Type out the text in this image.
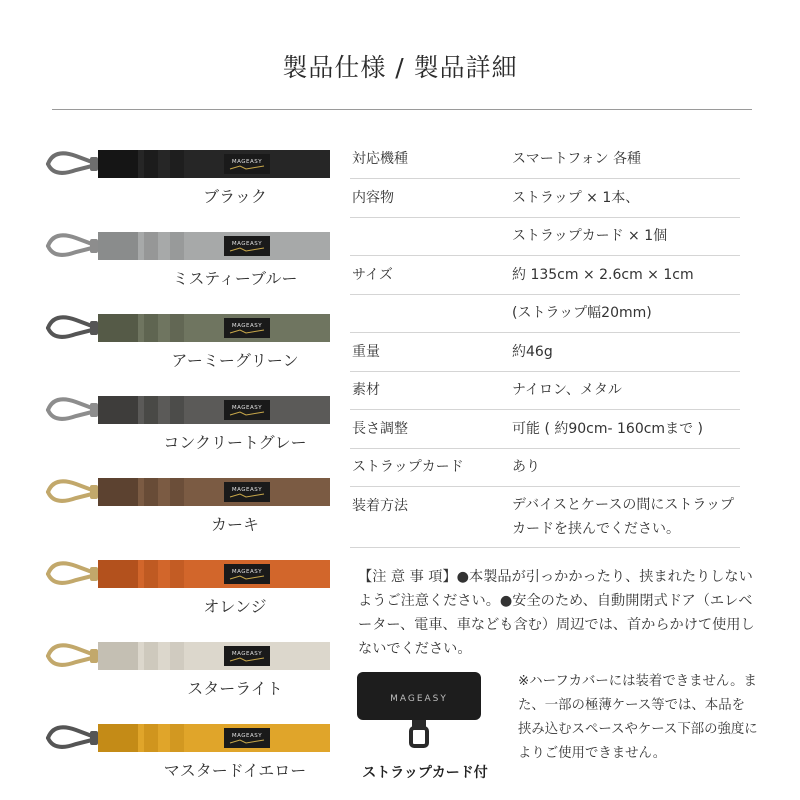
製品仕様 / 製品詳細
MAGEASY
ブラック
MAGEASY
ミスティーブルー
MAGEASY
アーミーグリーン
MAGEASY
コンクリートグレー
MAGEASY
カーキ
MAGEASY
オレンジ
MAGEASY
スターライト
MAGEASY
マスタードイエロー
対応機種	スマートフォン 各種
内容物	ストラップ × 1本、
ストラップカード × 1個
サイズ	約 135cm × 2.6cm × 1cm
(ストラップ幅20mm)
重量	約46g
素材	ナイロン、メタル
長さ調整	可能 ( 約90cm- 160cmまで )
ストラップカード	あり
装着方法	デバイスとケースの間にストラップカードを挟んでください。
【注 意 事 項】●本製品が引っかかったり、挟まれたりしないようご注意ください。●安全のため、自動開閉式ドア（エレベーター、電車、車なども含む）周辺では、首からかけて使用しないでください。
MAGEASY
ストラップカード付
※ハーフカバーには装着できません。また、一部の極薄ケース等では、本品を挟み込むスペースやケース下部の強度によりご使用できません。
